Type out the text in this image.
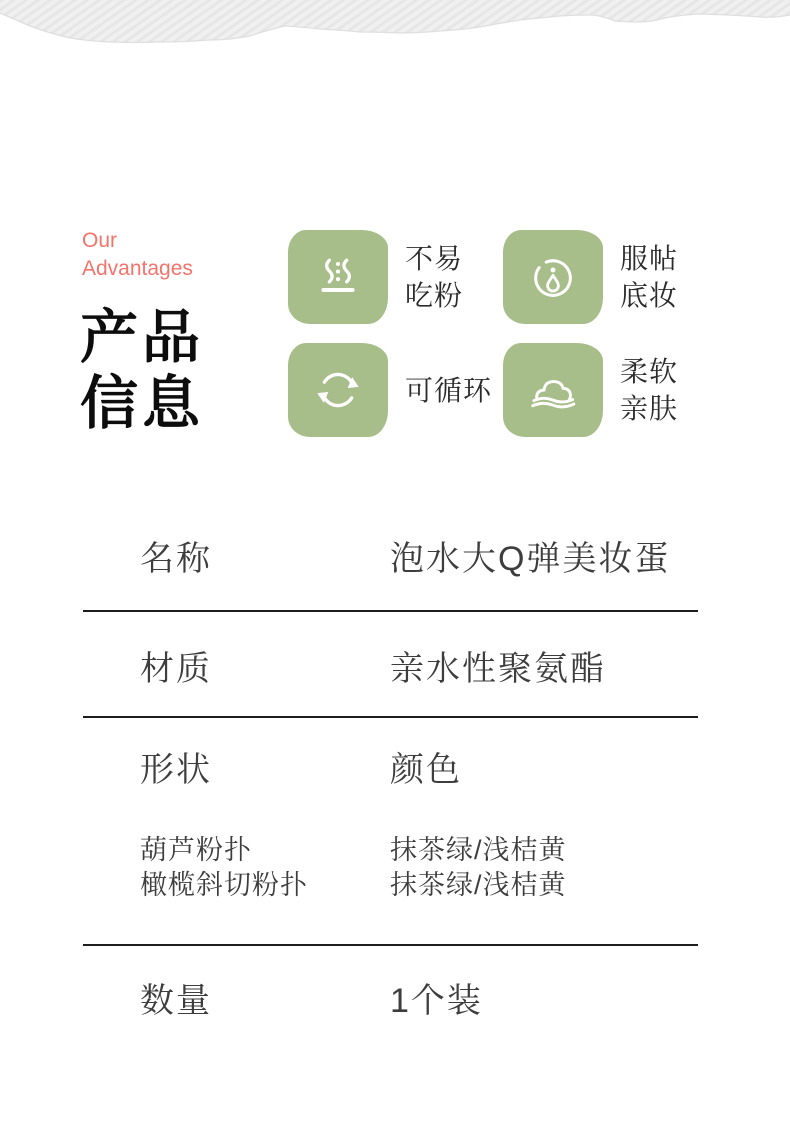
Our Advantages
产品
信息
不易
吃粉
服帖
底妆
可循环
柔软
亲肤
名称	泡水大Q弹美妆蛋
材质	亲水性聚氨酯
形状	颜色
葫芦粉扑	抹茶绿/浅桔黄
橄榄斜切粉扑	抹茶绿/浅桔黄
数量	1个装
